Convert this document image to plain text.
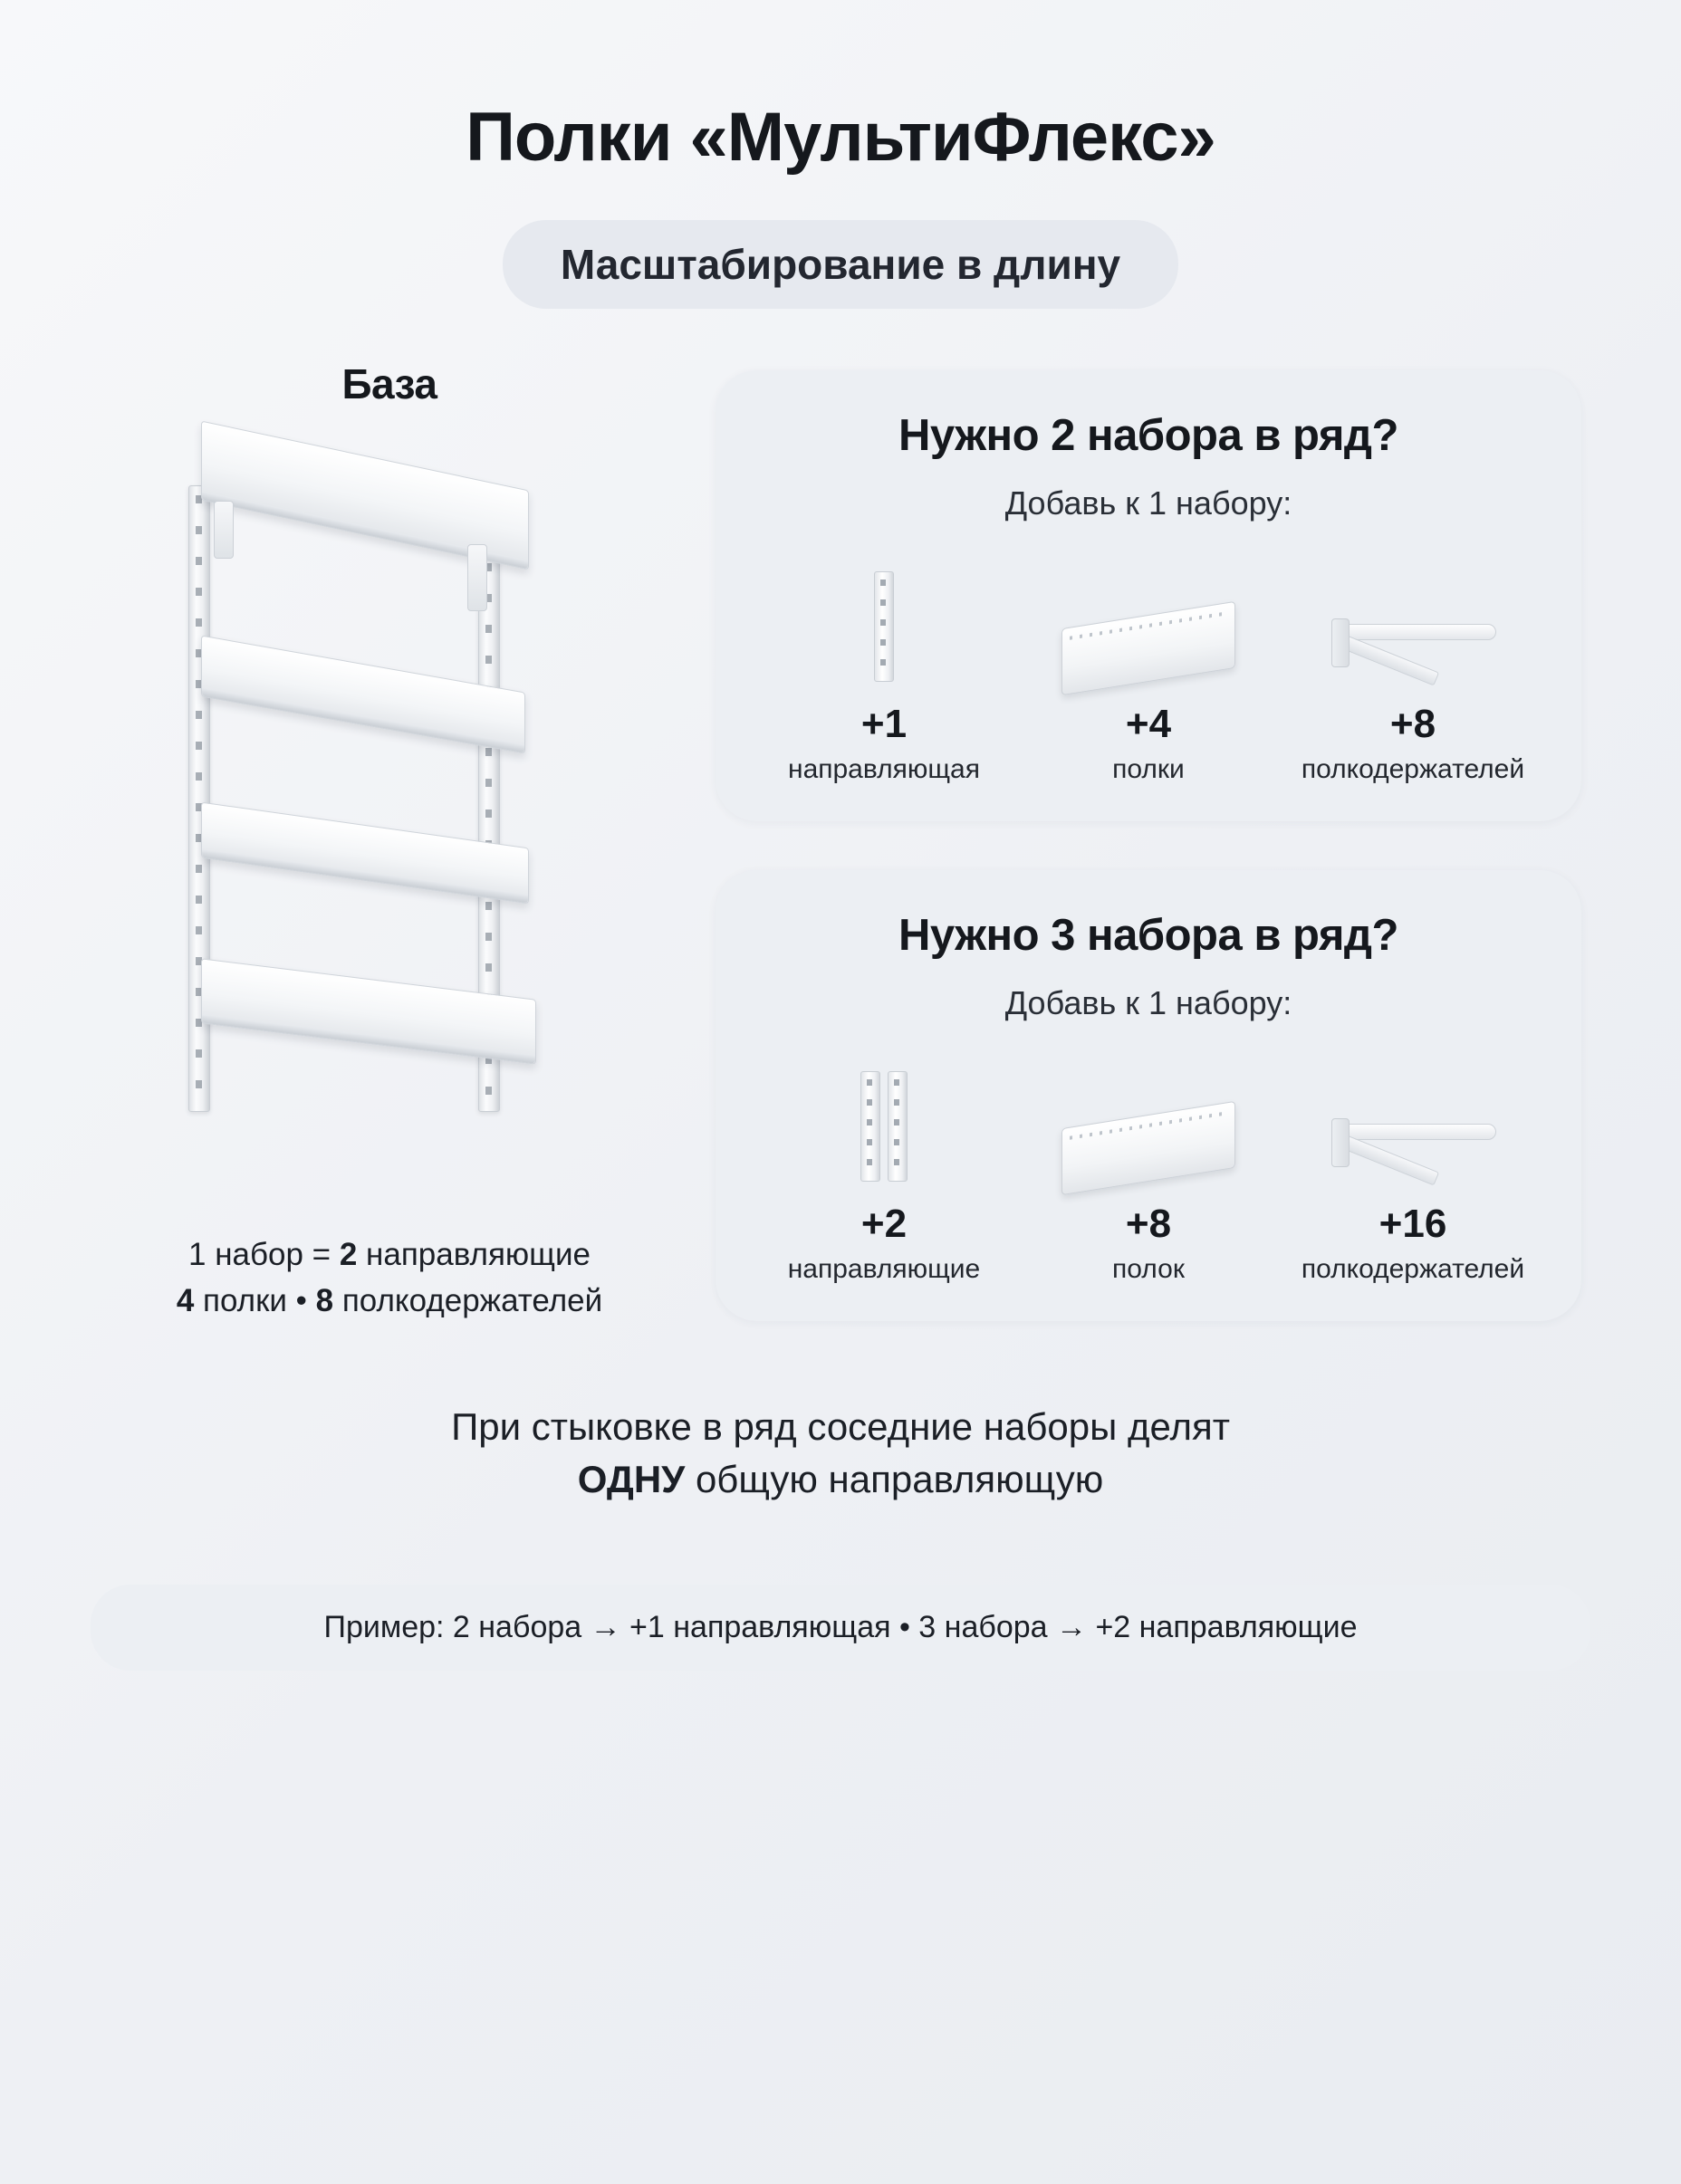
Полки «МультиФлекс»
Масштабирование в длину
База
1 набор = 2 направляющие
4 полки • 8 полкодержателей
Нужно 2 набора в ряд?
Добавь к 1 набору:
+1
направляющая
+4
полки
+8
полкодержателей
Нужно 3 набора в ряд?
Добавь к 1 набору:
+2
направляющие
+8
полок
+16
полкодержателей
При стыковке в ряд соседние наборы делят
ОДНУ общую направляющую
Пример: 2 набора → +1 направляющая • 3 набора → +2 направляющие
